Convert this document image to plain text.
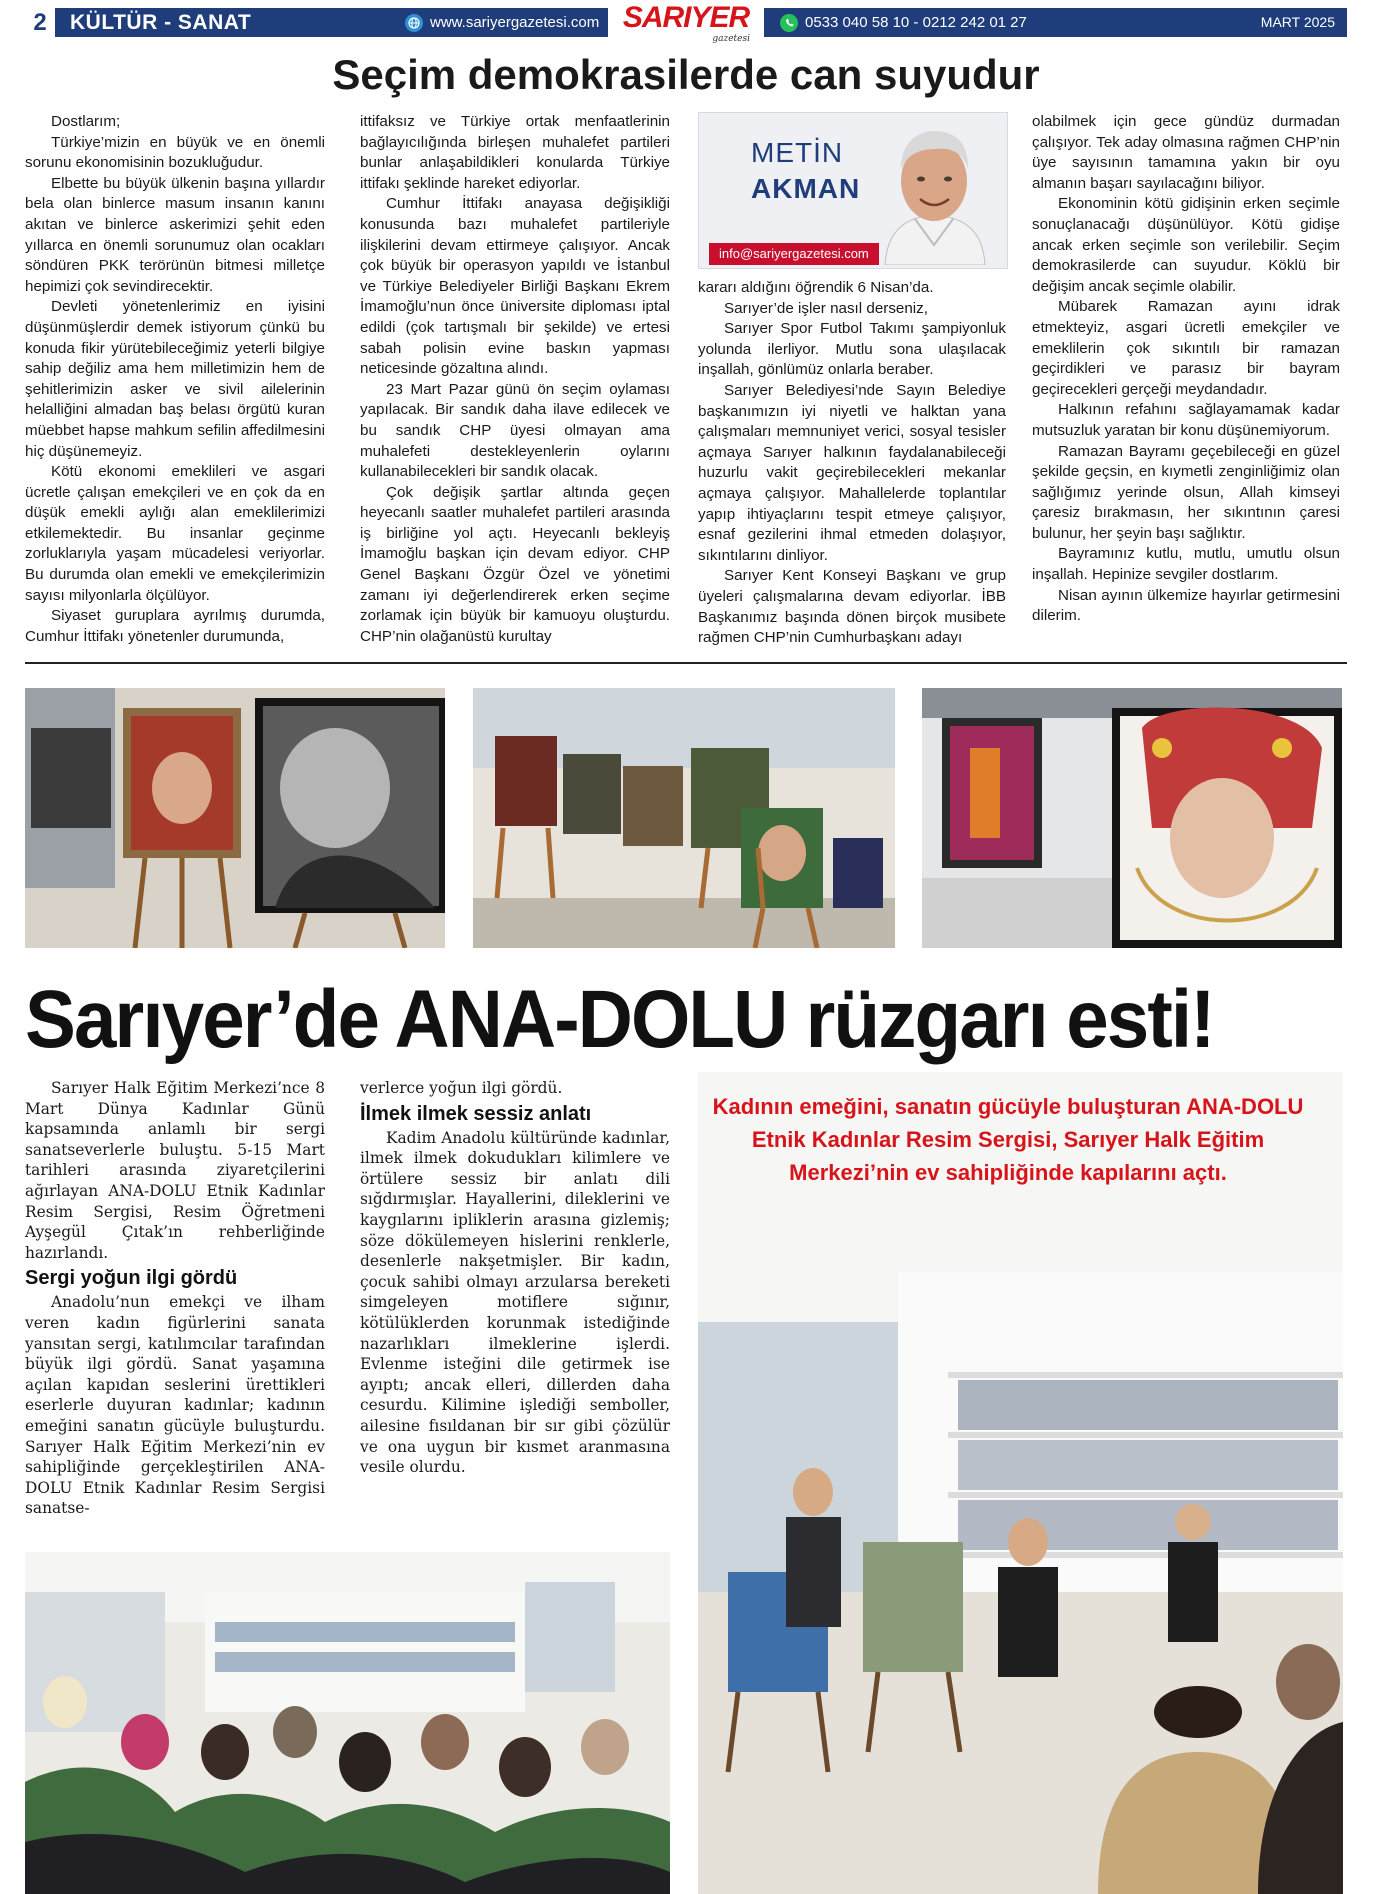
2	KÜLTÜR - SANAT	www.sariyergazetesi.com SARIYER
gazetesi
0533 040 58 10 - 0212 242 01 27	MART 2025
Seçim demokrasilerde can suyudur

Dostlarım;

Türkiye’mizin en büyük ve en önemli sorunu ekonomisinin bozukluğudur.

Elbette bu büyük ülkenin başına yıllardır bela olan binlerce masum insanın kanını akıtan ve binlerce askerimizi şehit eden yıllarca en önemli sorunumuz olan ocakları söndüren PKK terörünün bitmesi milletçe hepimizi çok sevindirecektir.

Devleti yönetenlerimiz en iyisini düşünmüşlerdir demek istiyorum çünkü bu konuda fikir yürütebileceğimiz yeterli bilgiye sahip değiliz ama hem milletimizin hem de şehitlerimizin asker ve sivil ailelerinin helalliğini almadan baş belası örgütü kuran müebbet hapse mahkum sefilin affedilmesini hiç düşünemeyiz.

Kötü ekonomi emeklileri ve asgari ücretle çalışan emekçileri ve en çok da en düşük emekli aylığı alan emeklilerimizi etkilemektedir. Bu insanlar geçinme zorluklarıyla yaşam mücadelesi veriyorlar. Bu durumda olan emekli ve emekçilerimizin sayısı milyonlarla ölçülüyor.

Siyaset guruplara ayrılmış durumda, Cumhur İttifakı yönetenler durumunda,

ittifaksız ve Türkiye ortak menfaatlerinin bağlayıcılığında birleşen muhalefet partileri bunlar anlaşabildikleri konularda Türkiye ittifakı şeklinde hareket ediyorlar.

Cumhur İttifakı anayasa değişikliği konusunda bazı muhalefet partileriyle ilişkilerini devam ettirmeye çalışıyor. Ancak çok büyük bir operasyon yapıldı ve İstanbul ve Türkiye Belediyeler Birliği Başkanı Ekrem İmamoğlu’nun önce üniversite diploması iptal edildi (çok tartışmalı bir şekilde) ve ertesi sabah polisin evine baskın yapması neticesinde gözaltına alındı.

23 Mart Pazar günü ön seçim oylaması yapılacak. Bir sandık daha ilave edilecek ve bu sandık CHP üyesi olmayan ama muhalefeti destekleyenlerin oylarını kullanabilecekleri bir sandık olacak.

Çok değişik şartlar altında geçen heyecanlı saatler muhalefet partileri arasında iş birliğine yol açtı. Heyecanlı bekleyiş İmamoğlu başkan için devam ediyor. CHP Genel Başkanı Özgür Özel ve yönetimi zamanı iyi değerlendirerek erken seçime zorlamak için büyük bir kamuoyu oluşturdu. CHP’nin olağanüstü kurultay

METİN
AKMAN
info@sariyergazetesi.com

kararı aldığını öğrendik 6 Nisan’da.

Sarıyer’de işler nasıl derseniz,

Sarıyer Spor Futbol Takımı şampiyonluk yolunda ilerliyor. Mutlu sona ulaşılacak inşallah, gönlümüz onlarla beraber.

Sarıyer Belediyesi’nde Sayın Belediye başkanımızın iyi niyetli ve halktan yana çalışmaları memnuniyet verici, sosyal tesisler açmaya Sarıyer halkının faydalanabileceği huzurlu vakit geçirebilecekleri mekanlar açmaya çalışıyor. Mahallelerde toplantılar yapıp ihtiyaçlarını tespit etmeye çalışıyor, esnaf gezilerini ihmal etmeden dolaşıyor, sıkıntılarını dinliyor.

Sarıyer Kent Konseyi Başkanı ve grup üyeleri çalışmalarına devam ediyorlar. İBB Başkanımız başında dönen birçok musibete rağmen CHP’nin Cumhurbaşkanı adayı

olabilmek için gece gündüz durmadan çalışıyor. Tek aday olmasına rağmen CHP’nin üye sayısının tamamına yakın bir oyu almanın başarı sayılacağını biliyor.

Ekonominin kötü gidişinin erken seçimle sonuçlanacağı düşünülüyor. Kötü gidişe ancak erken seçimle son verilebilir. Seçim demokrasilerde can suyudur. Köklü bir değişim ancak seçimle olabilir.

Mübarek Ramazan ayını idrak etmekteyiz, asgari ücretli emekçiler ve emeklilerin çok sıkıntılı bir ramazan geçirdikleri ve parasız bir bayram geçirecekleri gerçeği meydandadır.

Halkının refahını sağlayamamak kadar mutsuzluk yaratan bir konu düşünemiyorum.

Ramazan Bayramı geçebileceği en güzel şekilde geçsin, en kıymetli zenginliğimiz olan sağlığımız yerinde olsun, Allah kimseyi çaresiz bırakmasın, her sıkıntının çaresi bulunur, her şeyin başı sağlıktır.

Bayramınız kutlu, mutlu, umutlu olsun inşallah. Hepinize sevgiler dostlarım.

Nisan ayının ülkemize hayırlar getirmesini dilerim.

Sarıyer’de ANA-DOLU rüzgarı esti!

Sarıyer Halk Eğitim Merkezi’nce 8 Mart Dünya Kadınlar Günü kapsamında anlamlı bir sergi sanatseverlerle buluştu. 5-15 Mart tarihleri arasında ziyaretçilerini ağırlayan ANA-DOLU Etnik Kadınlar Resim Sergisi, Resim Öğretmeni Ayşegül Çıtak’ın rehberliğinde hazırlandı.

Sergi yoğun ilgi gördü

Anadolu’nun emekçi ve ilham veren kadın figürlerini sanata yansıtan sergi, katılımcılar tarafından büyük ilgi gördü. Sanat yaşamına açılan kapıdan seslerini ürettikleri eserlerle duyuran kadınlar; kadının emeğini sanatın gücüyle buluşturdu. Sarıyer Halk Eğitim Merkezi’nin ev sahipliğinde gerçekleştirilen ANA-DOLU Etnik Kadınlar Resim Sergisi sanatse-

verlerce yoğun ilgi gördü.

İlmek ilmek sessiz anlatı

Kadim Anadolu kültüründe kadınlar, ilmek ilmek dokudukları kilimlere ve örtülere sessiz bir anlatı dili sığdırmışlar. Hayallerini, dileklerini ve kaygılarını ipliklerin arasına gizlemiş; söze dökülemeyen hislerini renklerle, desenlerle nakşetmişler. Bir kadın, çocuk sahibi olmayı arzularsa bereketi simgeleyen motiflere sığınır, kötülüklerden korunmak istediğinde nazarlıkları ilmeklerine işlerdi. Evlenme isteğini dile getirmek ise ayıptı; ancak elleri, dillerden daha cesurdu. Kilimine işlediği semboller, ailesine fısıldanan bir sır gibi çözülür ve ona uygun bir kısmet aranmasına vesile olurdu.

Kadının emeğini, sanatın gücüyle buluşturan ANA-DOLU Etnik Kadınlar Resim Sergisi, Sarıyer Halk Eğitim Merkezi’nin ev sahipliğinde kapılarını açtı.
